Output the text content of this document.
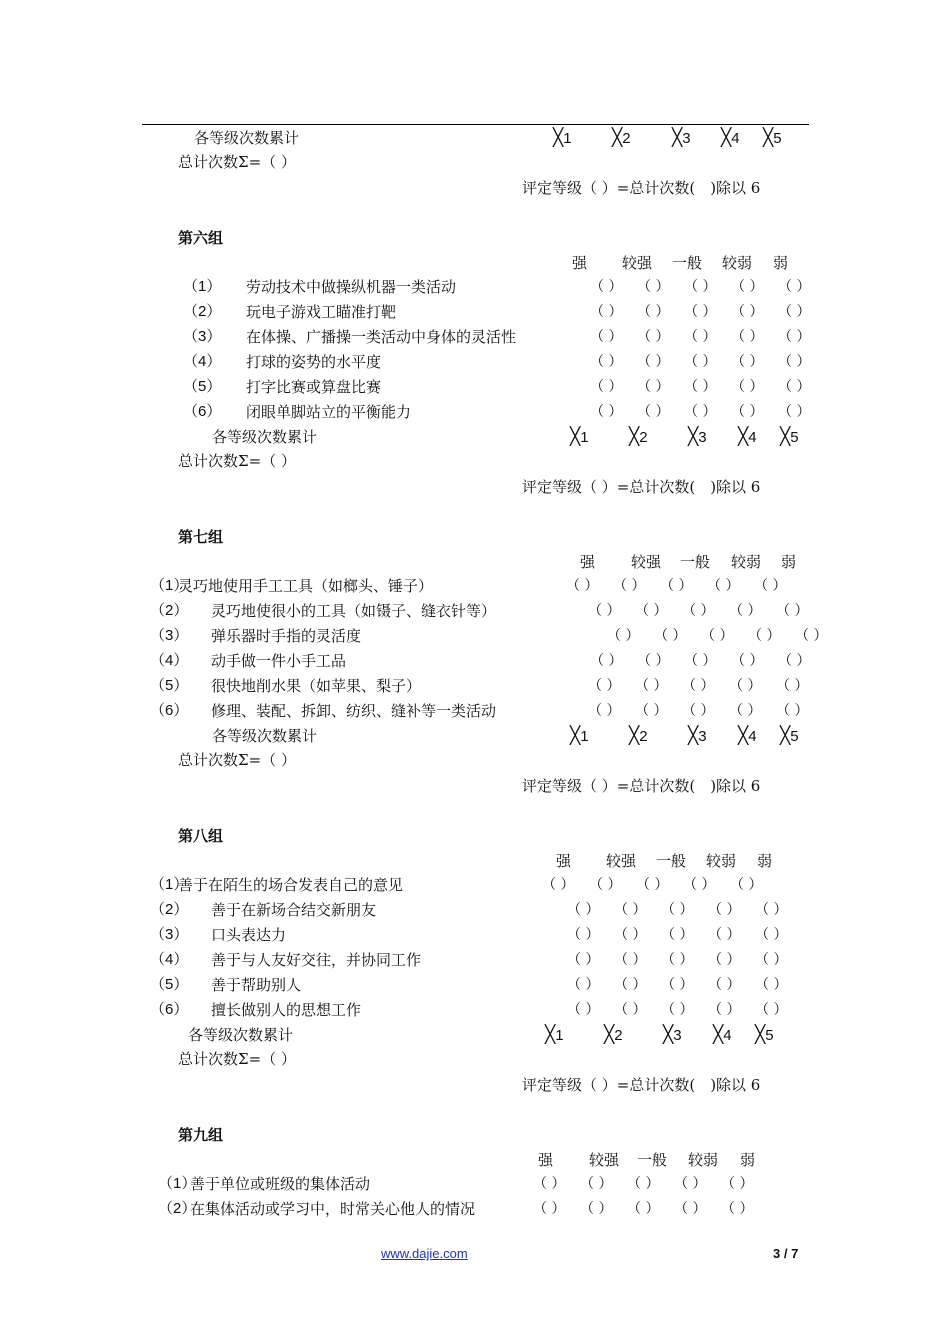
各等级次数累计	╳1 ╳2 ╳3 ╳4 ╳5
总计次数Σ=（ ）
评定等级（ ）=总计次数(　)除以 6
第六组
强 较强 一般 较弱 弱
（1） 劳动技术中做操纵机器一类活动	（ ） （ ） （ ） （ ） （ ）
（2） 玩电子游戏工瞄准打靶	（ ） （ ） （ ） （ ） （ ）
（3） 在体操、广播操一类活动中身体的灵活性	（ ） （ ） （ ） （ ） （ ）
（4） 打球的姿势的水平度	（ ） （ ） （ ） （ ） （ ）
（5） 打字比赛或算盘比赛	（ ） （ ） （ ） （ ） （ ）
（6） 闭眼单脚站立的平衡能力	（ ） （ ） （ ） （ ） （ ）
各等级次数累计	╳1 ╳2 ╳3 ╳4 ╳5
总计次数Σ=（ ）
评定等级（ ）=总计次数(　)除以 6
第七组
强 较强 一般 较弱 弱
（1）
灵巧地使用手工工具（如榔头、锤子）	（ ） （ ） （ ） （ ） （ ）
（2） 灵巧地使很小的工具（如镊子、缝衣针等）	（ ） （ ） （ ） （ ） （ ）
（3） 弹乐器时手指的灵活度	（ ） （ ） （ ） （ ） （ ）
（4） 动手做一件小手工品	（ ） （ ） （ ） （ ） （ ）
（5） 很快地削水果（如苹果、梨子）	（ ） （ ） （ ） （ ） （ ）
（6） 修理、装配、拆卸、纺织、缝补等一类活动	（ ） （ ） （ ） （ ） （ ）
各等级次数累计	╳1 ╳2 ╳3 ╳4 ╳5
总计次数Σ=（ ）
评定等级（ ）=总计次数(　)除以 6
第八组
强 较强 一般 较弱 弱
（1）
善于在陌生的场合发表自己的意见	（ ） （ ） （ ） （ ） （ ）
（2） 善于在新场合结交新朋友	（ ） （ ） （ ） （ ） （ ）
（3） 口头表达力	（ ） （ ） （ ） （ ） （ ）
（4） 善于与人友好交往，并协同工作	（ ） （ ） （ ） （ ） （ ）
（5） 善于帮助别人	（ ） （ ） （ ） （ ） （ ）
（6） 擅长做别人的思想工作	（ ） （ ） （ ） （ ） （ ）
各等级次数累计	╳1 ╳2 ╳3 ╳4 ╳5
总计次数Σ=（ ）
评定等级（ ）=总计次数(　)除以 6
第九组
强 较强 一般 较弱 弱
（1）
善于单位或班级的集体活动	（ ） （ ） （ ） （ ） （ ）
（2）
在集体活动或学习中，时常关心他人的情况	（ ） （ ） （ ） （ ） （ ）
www.dajie.com	3 / 7
